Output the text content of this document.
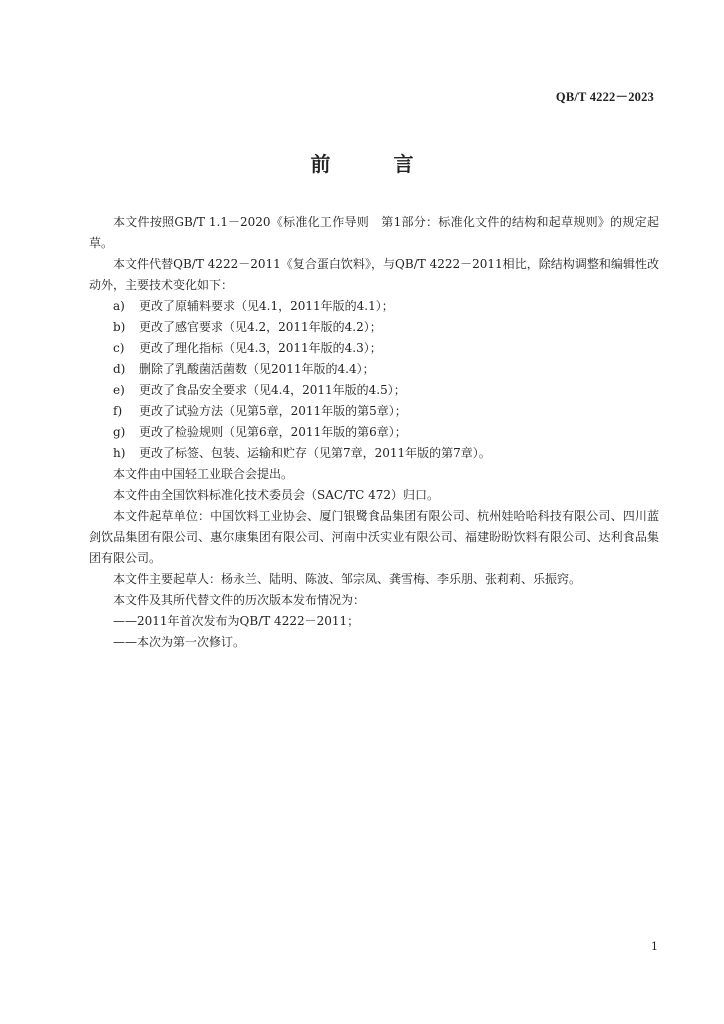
QB/T 4222－2023
前 言

本文件按照GB/T 1.1－2020《标准化工作导则　第1部分：标准化文件的结构和起草规则》的规定起草。

本文件代替QB/T 4222－2011《复合蛋白饮料》，与QB/T 4222－2011相比，除结构调整和编辑性改动外，主要技术变化如下：

a)	更改了原辅料要求（见4.1，2011年版的4.1）；
b)	更改了感官要求（见4.2，2011年版的4.2）；
c)	更改了理化指标（见4.3，2011年版的4.3）；
d)	删除了乳酸菌活菌数（见2011年版的4.4）；
e)	更改了食品安全要求（见4.4，2011年版的4.5）；
f)	更改了试验方法（见第5章，2011年版的第5章）；
g)	更改了检验规则（见第6章，2011年版的第6章）；
h)	更改了标签、包装、运输和贮存（见第7章，2011年版的第7章）。

本文件由中国轻工业联合会提出。

本文件由全国饮料标准化技术委员会（SAC/TC 472）归口。

本文件起草单位：中国饮料工业协会、厦门银鹭食品集团有限公司、杭州娃哈哈科技有限公司、四川蓝剑饮品集团有限公司、惠尔康集团有限公司、河南中沃实业有限公司、福建盼盼饮料有限公司、达利食品集团有限公司。

本文件主要起草人：杨永兰、陆明、陈波、邹宗凤、龚雪梅、李乐朋、张莉莉、乐振窍。

本文件及其所代替文件的历次版本发布情况为：

——2011年首次发布为QB/T 4222－2011；

——本次为第一次修订。

1
